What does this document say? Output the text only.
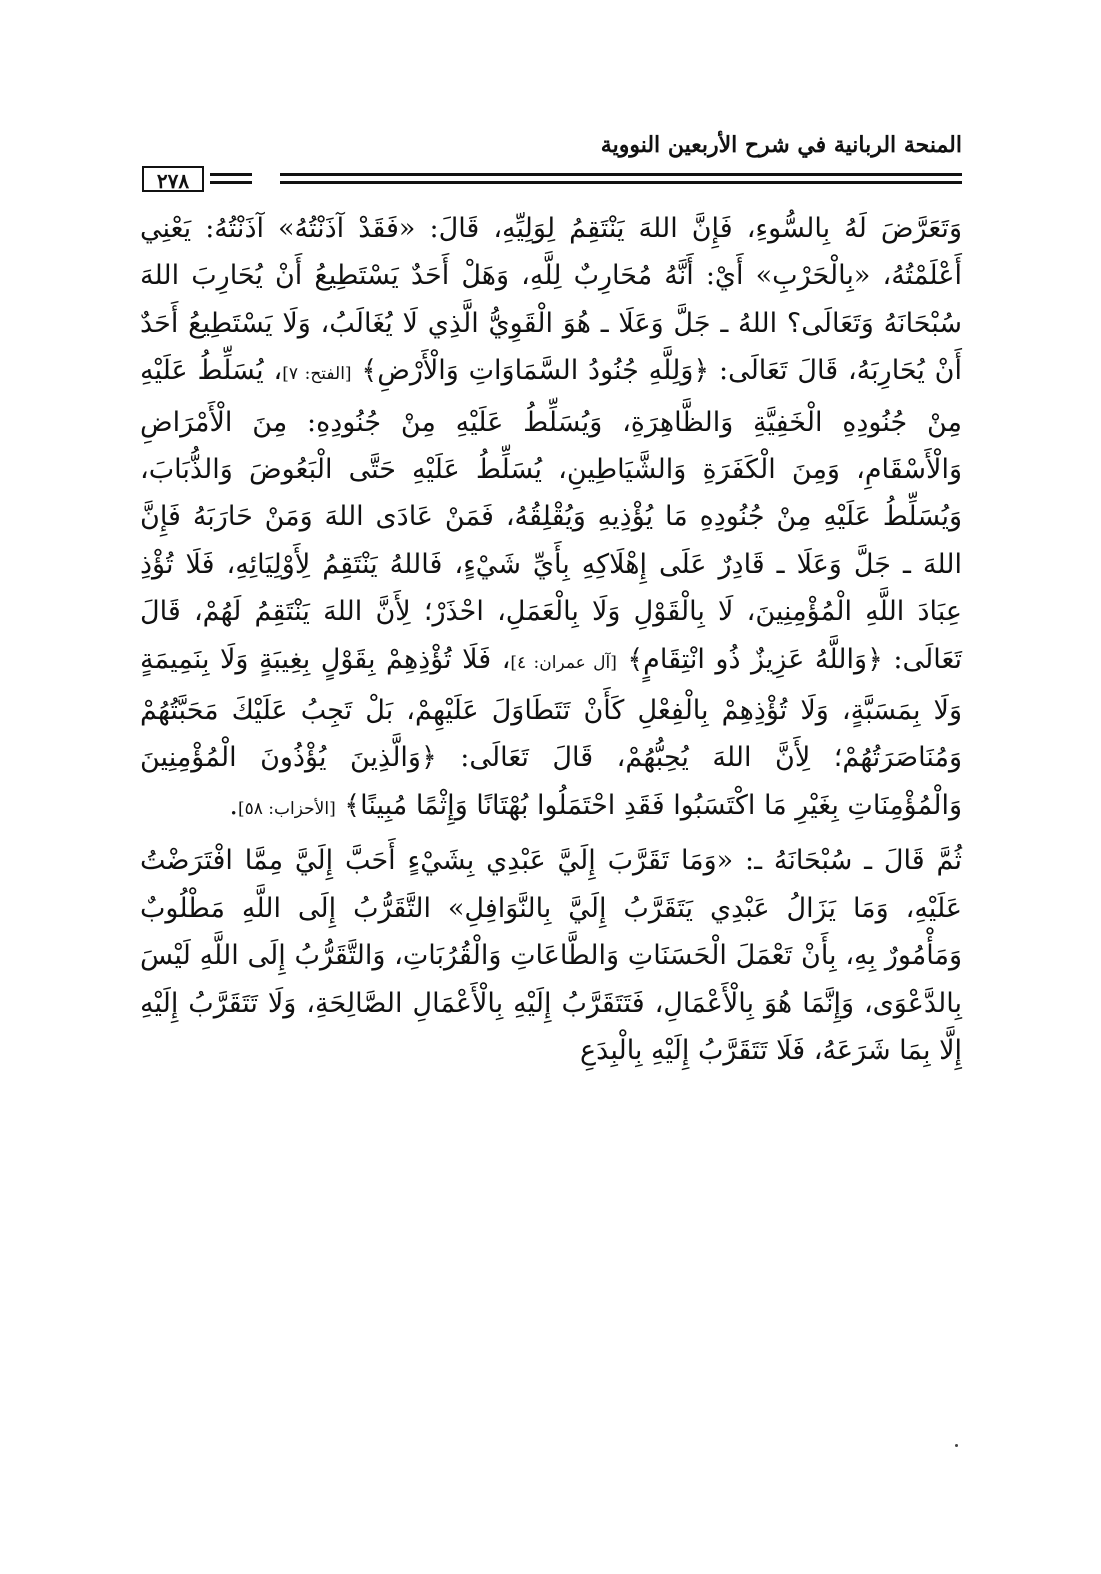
المنحة الربانية في شرح الأربعين النووية
٢٧٨

وَتَعَرَّضَ لَهُ بِالسُّوءِ، فَإِنَّ اللهَ يَنْتَقِمُ لِوَلِيِّهِ، قَالَ: «فَقَدْ آذَنْتُهُ» آذَنْتُهُ: يَعْنِي أَعْلَمْتُهُ، «بِالْحَرْبِ» أَيْ: أَنَّهُ مُحَارِبٌ لِلَّهِ، وَهَلْ أَحَدٌ يَسْتَطِيعُ أَنْ يُحَارِبَ اللهَ سُبْحَانَهُ وَتَعَالَى؟ اللهُ ـ جَلَّ وَعَلَا ـ هُوَ الْقَوِيُّ الَّذِي لَا يُغَالَبُ، وَلَا يَسْتَطِيعُ أَحَدٌ أَنْ يُحَارِبَهُ، قَالَ تَعَالَى: ﴿وَلِلَّهِ جُنُودُ السَّمَاوَاتِ وَالْأَرْضِ﴾ [الفتح: ٧]، يُسَلِّطُ عَلَيْهِ مِنْ جُنُودِهِ الْخَفِيَّةِ وَالظَّاهِرَةِ، وَيُسَلِّطُ عَلَيْهِ مِنْ جُنُودِهِ: مِنَ الْأَمْرَاضِ وَالْأَسْقَامِ، وَمِنَ الْكَفَرَةِ وَالشَّيَاطِينِ، يُسَلِّطُ عَلَيْهِ حَتَّى الْبَعُوضَ وَالذُّبَابَ، وَيُسَلِّطُ عَلَيْهِ مِنْ جُنُودِهِ مَا يُؤْذِيهِ وَيُقْلِقُهُ، فَمَنْ عَادَى اللهَ وَمَنْ حَارَبَهُ فَإِنَّ اللهَ ـ جَلَّ وَعَلَا ـ قَادِرٌ عَلَى إِهْلَاكِهِ بِأَيِّ شَيْءٍ، فَاللهُ يَنْتَقِمُ لِأَوْلِيَائِهِ، فَلَا تُؤْذِ عِبَادَ اللَّهِ الْمُؤْمِنِينَ، لَا بِالْقَوْلِ وَلَا بِالْعَمَلِ، احْذَرْ؛ لِأَنَّ اللهَ يَنْتَقِمُ لَهُمْ، قَالَ تَعَالَى: ﴿وَاللَّهُ عَزِيزٌ ذُو انْتِقَامٍ﴾ [آل عمران: ٤]، فَلَا تُؤْذِهِمْ بِقَوْلٍ بِغِيبَةٍ وَلَا بِنَمِيمَةٍ وَلَا بِمَسَبَّةٍ، وَلَا تُؤْذِهِمْ بِالْفِعْلِ كَأَنْ تَتَطَاوَلَ عَلَيْهِمْ، بَلْ تَجِبُ عَلَيْكَ مَحَبَّتُهُمْ وَمُنَاصَرَتُهُمْ؛ لِأَنَّ اللهَ يُحِبُّهُمْ، قَالَ تَعَالَى: ﴿وَالَّذِينَ يُؤْذُونَ الْمُؤْمِنِينَ وَالْمُؤْمِنَاتِ بِغَيْرِ مَا اكْتَسَبُوا فَقَدِ احْتَمَلُوا بُهْتَانًا وَإِثْمًا مُبِينًا﴾ [الأحزاب: ٥٨].

ثُمَّ قَالَ ـ سُبْحَانَهُ ـ: «وَمَا تَقَرَّبَ إِلَيَّ عَبْدِي بِشَيْءٍ أَحَبَّ إِلَيَّ مِمَّا افْتَرَضْتُ عَلَيْهِ، وَمَا يَزَالُ عَبْدِي يَتَقَرَّبُ إِلَيَّ بِالنَّوَافِلِ» التَّقَرُّبُ إِلَى اللَّهِ مَطْلُوبٌ وَمَأْمُورٌ بِهِ، بِأَنْ تَعْمَلَ الْحَسَنَاتِ وَالطَّاعَاتِ وَالْقُرُبَاتِ، وَالتَّقَرُّبُ إِلَى اللَّهِ لَيْسَ بِالدَّعْوَى، وَإِنَّمَا هُوَ بِالْأَعْمَالِ، فَتَتَقَرَّبُ إِلَيْهِ بِالْأَعْمَالِ الصَّالِحَةِ، وَلَا تَتَقَرَّبُ إِلَيْهِ إِلَّا بِمَا شَرَعَهُ، فَلَا تَتَقَرَّبُ إِلَيْهِ بِالْبِدَعِ
